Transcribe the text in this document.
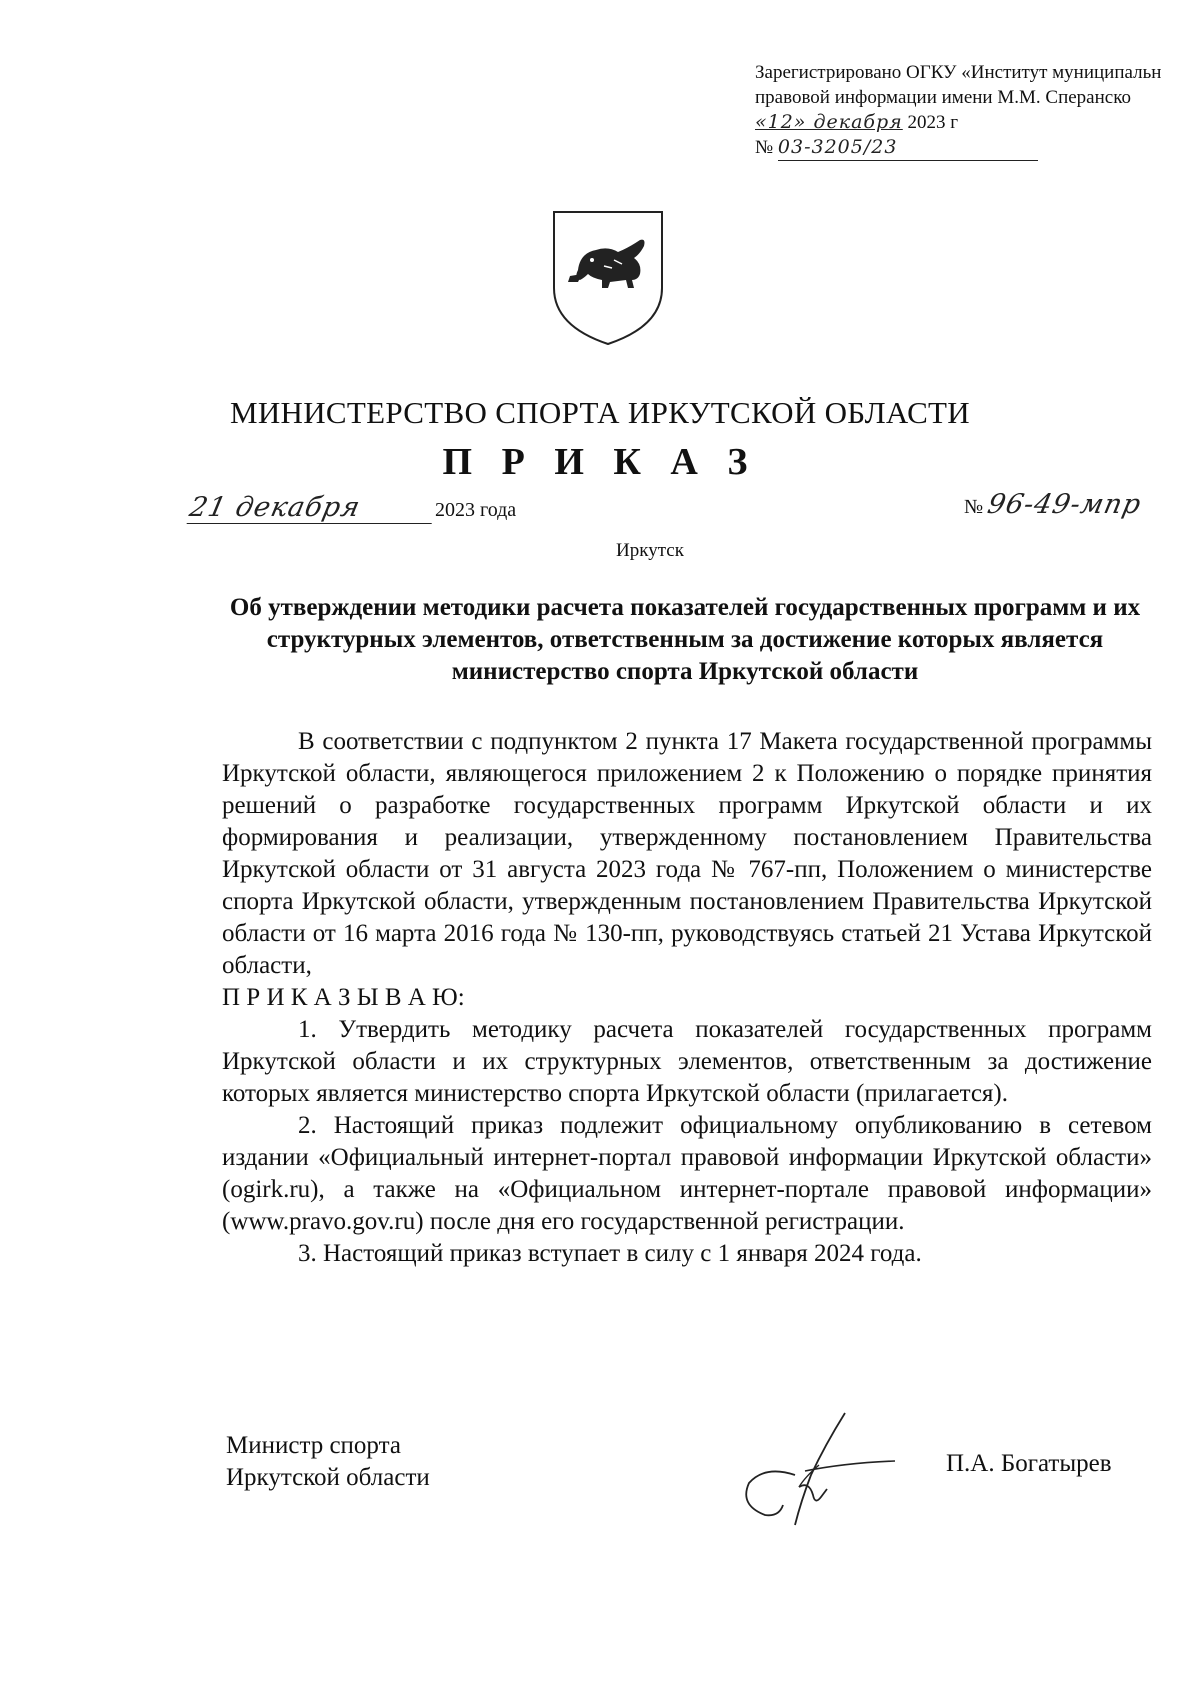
Зарегистрировано ОГКУ «Институт муниципальн
правовой информации имени М.М. Сперанско
«12» декабря 2023 г
№ 03-3205/23
МИНИСТЕРСТВО СПОРТА ИРКУТСКОЙ ОБЛАСТИ
П Р И К А З
21 декабря	2023 года	№ 96-49-мпр
Иркутск
Об утверждении методики расчета показателей государственных программ и их структурных элементов, ответственным за достижение которых является министерство спорта Иркутской области

В соответствии с подпунктом 2 пункта 17 Макета государственной программы Иркутской области, являющегося приложением 2 к Положению о порядке принятия решений о разработке государственных программ Иркутской области и их формирования и реализации, утвержденному постановлением Правительства Иркутской области от 31 августа 2023 года № 767-пп, Положением о министерстве спорта Иркутской области, утвержденным постановлением Правительства Иркутской области от 16 марта 2016 года № 130-пп, руководствуясь статьей 21 Устава Иркутской области,

П Р И К А З Ы В А Ю:

1. Утвердить методику расчета показателей государственных программ Иркутской области и их структурных элементов, ответственным за достижение которых является министерство спорта Иркутской области (прилагается).

2. Настоящий приказ подлежит официальному опубликованию в сетевом издании «Официальный интернет-портал правовой информации Иркутской области» (ogirk.ru), а также на «Официальном интернет-портале правовой информации» (www.pravo.gov.ru) после дня его государственной регистрации.

3. Настоящий приказ вступает в силу с 1 января 2024 года.

Министр спорта
Иркутской области
П.А. Богатырев
